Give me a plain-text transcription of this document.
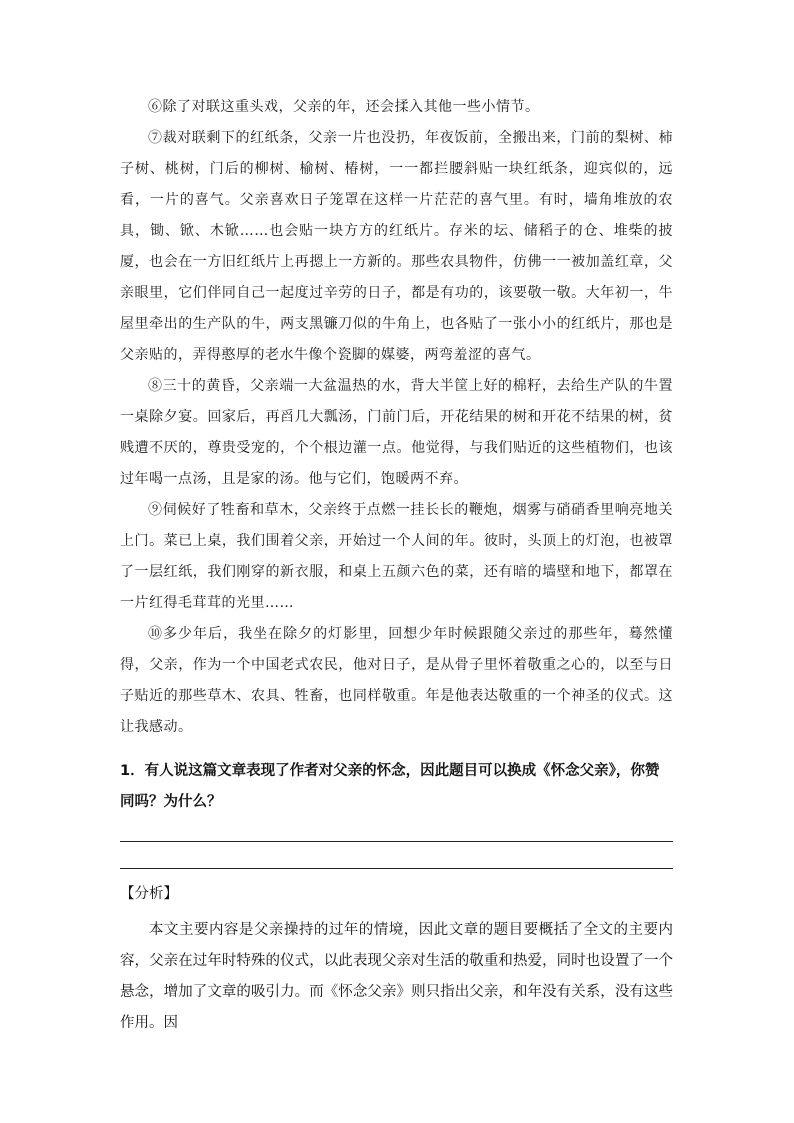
⑥除了对联这重头戏，父亲的年，还会揉入其他一些小情节。

⑦裁对联剩下的红纸条，父亲一片也没扔，年夜饭前，全搬出来，门前的梨树、柿子树、桃树，门后的柳树、榆树、椿树，一一都拦腰斜贴一块红纸条，迎宾似的，远看，一片的喜气。父亲喜欢日子笼罩在这样一片茫茫的喜气里。有时，墙角堆放的农具，锄、锨、木锨……也会贴一块方方的红纸片。存米的坛、储稻子的仓、堆柴的披厦，也会在一方旧红纸片上再摁上一方新的。那些农具物件，仿佛一一被加盖红章，父亲眼里，它们伴同自己一起度过辛劳的日子，都是有功的，该要敬一敬。大年初一，牛屋里牵出的生产队的牛，两支黑镰刀似的牛角上，也各贴了一张小小的红纸片，那也是父亲贴的，弄得憨厚的老水牛像个瓷脚的媒婆，两弯羞涩的喜气。

⑧三十的黄昏，父亲端一大盆温热的水，背大半筐上好的棉籽，去给生产队的牛置一桌除夕宴。回家后，再舀几大瓢汤，门前门后，开花结果的树和开花不结果的树，贫贱遭不厌的，尊贵受宠的，个个根边灌一点。他觉得，与我们贴近的这些植物们，也该过年喝一点汤，且是家的汤。他与它们，饱暖两不弃。

⑨伺候好了牲畜和草木，父亲终于点燃一挂长长的鞭炮，烟雾与硝硝香里响亮地关上门。菜已上桌，我们围着父亲，开始过一个人间的年。彼时，头顶上的灯泡，也被罩了一层红纸，我们刚穿的新衣服，和桌上五颜六色的菜，还有暗的墙壁和地下，都罩在一片红得毛茸茸的光里……

⑩多少年后，我坐在除夕的灯影里，回想少年时候跟随父亲过的那些年，蓦然懂得，父亲，作为一个中国老式农民，他对日子，是从骨子里怀着敬重之心的，以至与日子贴近的那些草木、农具、牲畜，也同样敬重。年是他表达敬重的一个神圣的仪式。这让我感动。

1．有人说这篇文章表现了作者对父亲的怀念，因此题目可以换成《怀念父亲》，你赞同吗？为什么？
【分析】

本文主要内容是父亲操持的过年的情境，因此文章的题目要概括了全文的主要内容，父亲在过年时特殊的仪式，以此表现父亲对生活的敬重和热爱，同时也设置了一个悬念，增加了文章的吸引力。而《怀念父亲》则只指出父亲，和年没有关系，没有这些作用。因
